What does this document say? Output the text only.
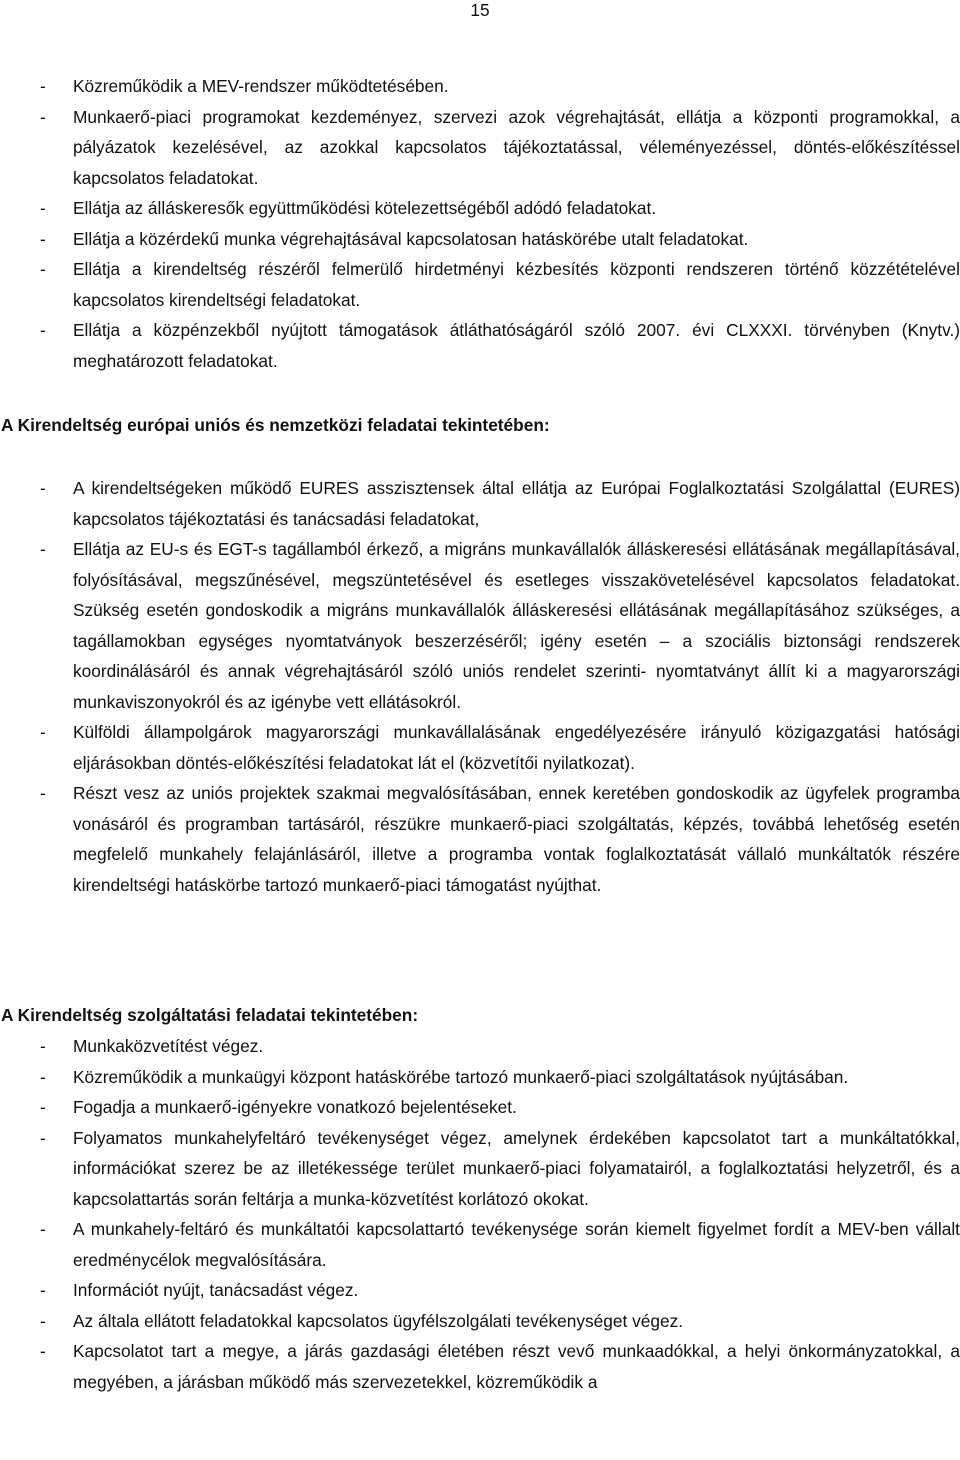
15
- Közreműködik a MEV-rendszer működtetésében.
- Munkaerő-piaci programokat kezdeményez, szervezi azok végrehajtását, ellátja a központi programokkal, a pályázatok kezelésével, az azokkal kapcsolatos tájékoztatással, véleményezéssel, döntés-előkészítéssel kapcsolatos feladatokat.
- Ellátja az álláskeresők együttműködési kötelezettségéből adódó feladatokat.
- Ellátja a közérdekű munka végrehajtásával kapcsolatosan hatáskörébe utalt feladatokat.
- Ellátja a kirendeltség részéről felmerülő hirdetményi kézbesítés központi rendszeren történő közzétételével kapcsolatos kirendeltségi feladatokat.
- Ellátja a közpénzekből nyújtott támogatások átláthatóságáról szóló 2007. évi CLXXXI. törvényben (Knytv.) meghatározott feladatokat.
A Kirendeltség európai uniós és nemzetközi feladatai tekintetében:
- A kirendeltségeken működő EURES asszisztensek által ellátja az Európai Foglalkoztatási Szolgálattal (EURES) kapcsolatos tájékoztatási és tanácsadási feladatokat,
- Ellátja az EU-s és EGT-s tagállamból érkező, a migráns munkavállalók álláskeresési ellátásának megállapításával, folyósításával, megszűnésével, megszüntetésével és esetleges visszakövetelésével kapcsolatos feladatokat. Szükség esetén gondoskodik a migráns munkavállalók álláskeresési ellátásának megállapításához szükséges, a tagállamokban egységes nyomtatványok beszerzéséről; igény esetén – a szociális biztonsági rendszerek koordinálásáról és annak végrehajtásáról szóló uniós rendelet szerinti- nyomtatványt állít ki a magyarországi munkaviszonyokról és az igénybe vett ellátásokról.
- Külföldi állampolgárok magyarországi munkavállalásának engedélyezésére irányuló közigazgatási hatósági eljárásokban döntés-előkészítési feladatokat lát el (közvetítői nyilatkozat).
- Részt vesz az uniós projektek szakmai megvalósításában, ennek keretében gondoskodik az ügyfelek programba vonásáról és programban tartásáról, részükre munkaerő-piaci szolgáltatás, képzés, továbbá lehetőség esetén megfelelő munkahely felajánlásáról, illetve a programba vontak foglalkoztatását vállaló munkáltatók részére kirendeltségi hatáskörbe tartozó munkaerő-piaci támogatást nyújthat.
A Kirendeltség szolgáltatási feladatai tekintetében:
- Munkaközvetítést végez.
- Közreműködik a munkaügyi központ hatáskörébe tartozó munkaerő-piaci szolgáltatások nyújtásában.
- Fogadja a munkaerő-igényekre vonatkozó bejelentéseket.
- Folyamatos munkahelyfeltáró tevékenységet végez, amelynek érdekében kapcsolatot tart a munkáltatókkal, információkat szerez be az illetékessége terület munkaerő-piaci folyamatairól, a foglalkoztatási helyzetről, és a kapcsolattartás során feltárja a munka-közvetítést korlátozó okokat.
- A munkahely-feltáró és munkáltatói kapcsolattartó tevékenysége során kiemelt figyelmet fordít a MEV-ben vállalt eredménycélok megvalósítására.
- Információt nyújt, tanácsadást végez.
- Az általa ellátott feladatokkal kapcsolatos ügyfélszolgálati tevékenységet végez.
- Kapcsolatot tart a megye, a járás gazdasági életében részt vevő munkaadókkal, a helyi önkormányzatokkal, a megyében, a járásban működő más szervezetekkel, közreműködik a
